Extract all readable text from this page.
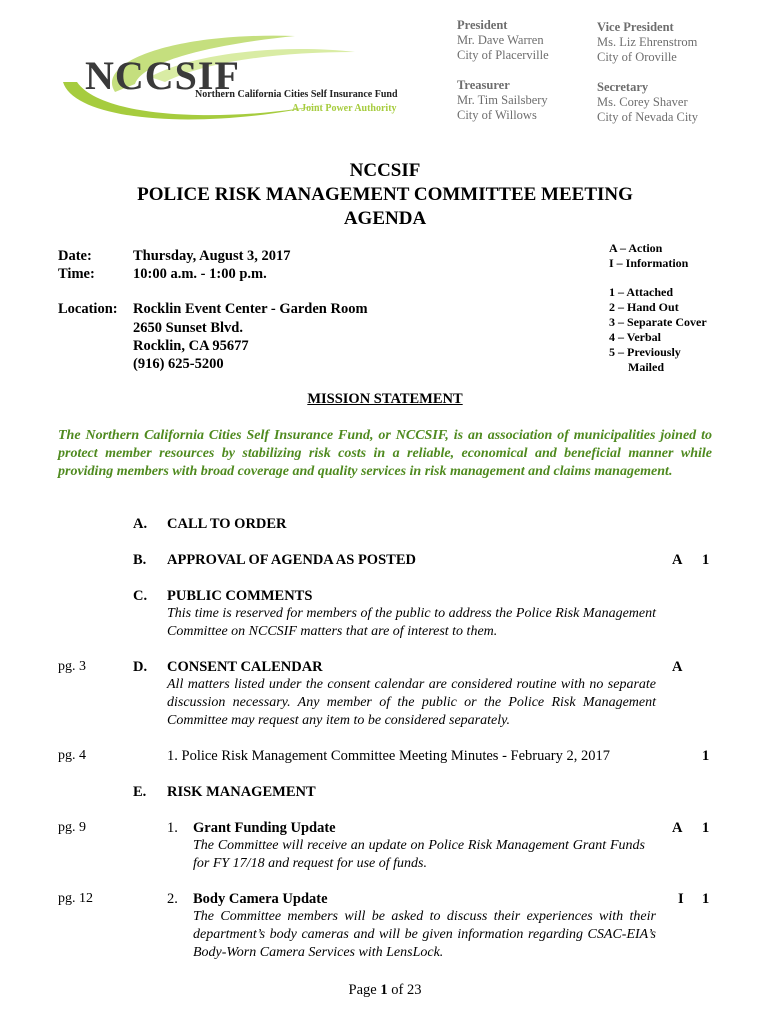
NCCSIF
Northern California Cities Self Insurance Fund
A Joint Power Authority
President
Mr. Dave Warren
City of Placerville
Vice President
Ms. Liz Ehrenstrom
City of Oroville
Treasurer
Mr. Tim Sailsbery
City of Willows
Secretary
Ms. Corey Shaver
City of Nevada City
NCCSIF
POLICE RISK MANAGEMENT COMMITTEE MEETING
AGENDA
Date:	Thursday, August 3, 2017
Time:	10:00 a.m. - 1:00 p.m.
Location: Rocklin Event Center - Garden Room
2650 Sunset Blvd.
Rocklin, CA 95677
(916) 625-5200
A – Action
I – Information
1 – Attached
2 – Hand Out
3 – Separate Cover
4 – Verbal
5 – Previously
Mailed
MISSION STATEMENT
The Northern California Cities Self Insurance Fund, or NCCSIF, is an association of municipalities joined to protect member resources by stabilizing risk costs in a reliable, economical and beneficial manner while providing members with broad coverage and quality services in risk management and claims management.
A. CALL TO ORDER
B. APPROVAL OF AGENDA AS POSTED	A 1
C. PUBLIC COMMENTS
This time is reserved for members of the public to address the Police Risk Management Committee on NCCSIF matters that are of interest to them.
pg. 3	D. CONSENT CALENDAR	A
All matters listed under the consent calendar are considered routine with no separate discussion necessary. Any member of the public or the Police Risk Management Committee may request any item to be considered separately.
pg. 4	1. Police Risk Management Committee Meeting Minutes - February 2, 2017	1
E. RISK MANAGEMENT
pg. 9	1. Grant Funding Update	A 1
The Committee will receive an update on Police Risk Management Grant Funds for FY 17/18 and request for use of funds.
pg. 12	2. Body Camera Update	I 1
The Committee members will be asked to discuss their experiences with their department’s body cameras and will be given information regarding CSAC-EIA’s Body-Worn Camera Services with LensLock.
Page 1 of 23
